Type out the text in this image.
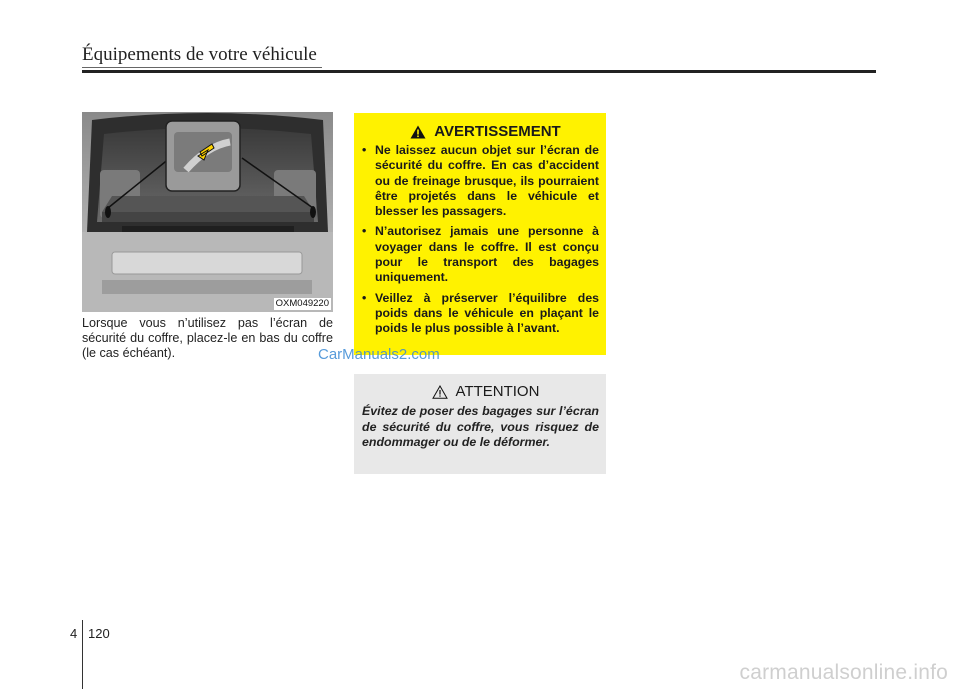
Équipements de votre véhicule
OXM049220

Lorsque vous n’utilisez pas l’écran de sécurité du coffre, placez-le en bas du coffre (le cas échéant).

AVERTISSEMENT
• Ne laissez aucun objet sur l’écran de sécurité du coffre. En cas d’accident ou de freinage brusque, ils pourraient être projetés dans le véhicule et blesser les passagers.
• N’autorisez jamais une personne à voyager dans le coffre. Il est conçu pour le transport des bagages uniquement.
• Veillez à préserver l’équilibre des poids dans le véhicule en plaçant le poids le plus possible à l’avant.
ATTENTION
Évitez de poser des bagages sur l’écran de sécurité du coffre, vous risquez de endommager ou de le déformer.
CarManuals2.com
carmanualsonline.info
4 120
